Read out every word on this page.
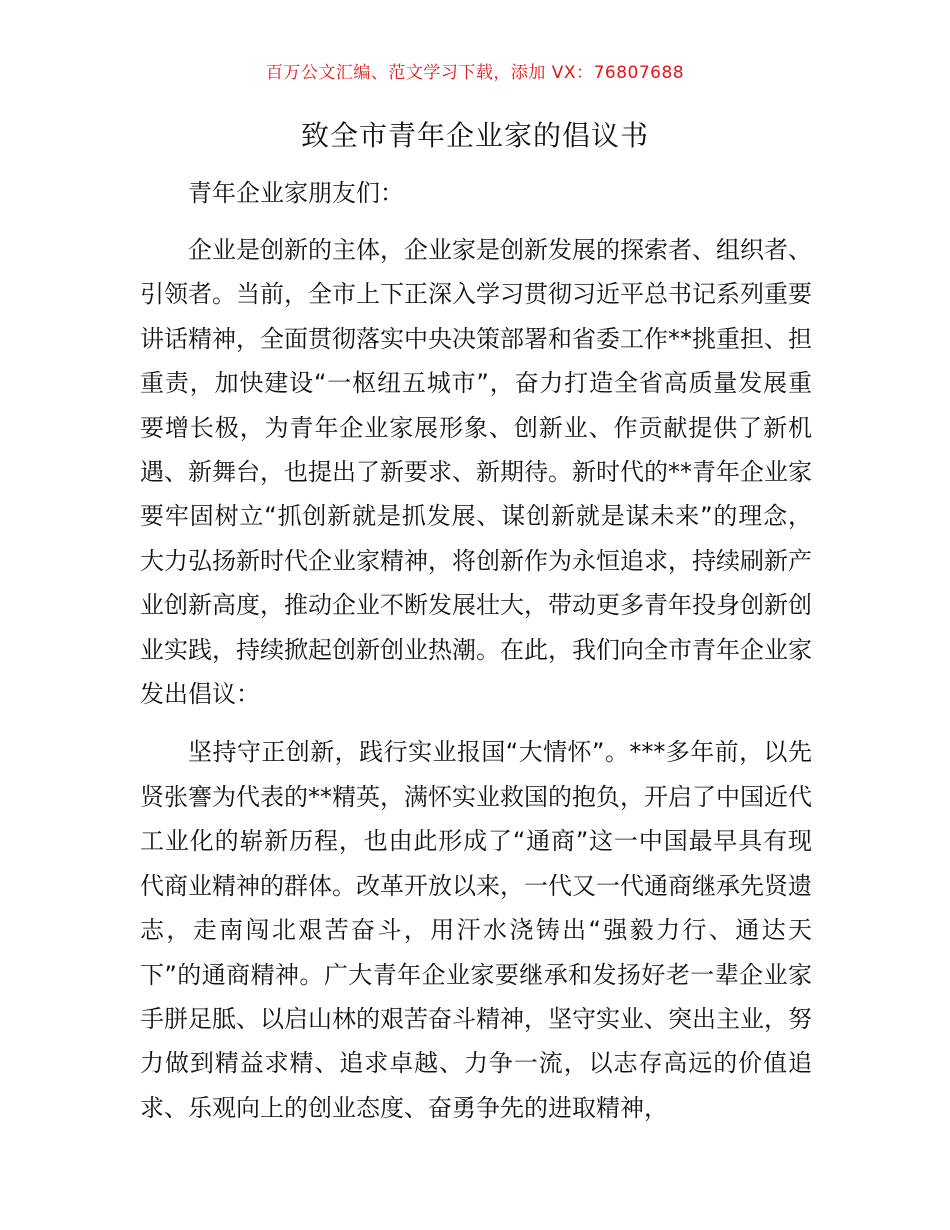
百万公文汇编、范文学习下载，添加 VX：76807688
致全市青年企业家的倡议书

青年企业家朋友们：

企业是创新的主体，企业家是创新发展的探索者、组织者、引领者。当前，全市上下正深入学习贯彻习近平总书记系列重要讲话精神，全面贯彻落实中央决策部署和省委工作**挑重担、担重责，加快建设“一枢纽五城市”，奋力打造全省高质量发展重要增长极，为青年企业家展形象、创新业、作贡献提供了新机遇、新舞台，也提出了新要求、新期待。新时代的**青年企业家要牢固树立“抓创新就是抓发展、谋创新就是谋未来”的理念，大力弘扬新时代企业家精神，将创新作为永恒追求，持续刷新产业创新高度，推动企业不断发展壮大，带动更多青年投身创新创业实践，持续掀起创新创业热潮。在此，我们向全市青年企业家发出倡议：

坚持守正创新，践行实业报国“大情怀”。***多年前，以先贤张謇为代表的**精英，满怀实业救国的抱负，开启了中国近代工业化的崭新历程，也由此形成了“通商”这一中国最早具有现代商业精神的群体。改革开放以来，一代又一代通商继承先贤遗志，走南闯北艰苦奋斗，用汗水浇铸出“强毅力行、通达天下”的通商精神。广大青年企业家要继承和发扬好老一辈企业家手胼足胝、以启山林的艰苦奋斗精神，坚守实业、突出主业，努力做到精益求精、追求卓越、力争一流，以志存高远的价值追求、乐观向上的创业态度、奋勇争先的进取精神，
